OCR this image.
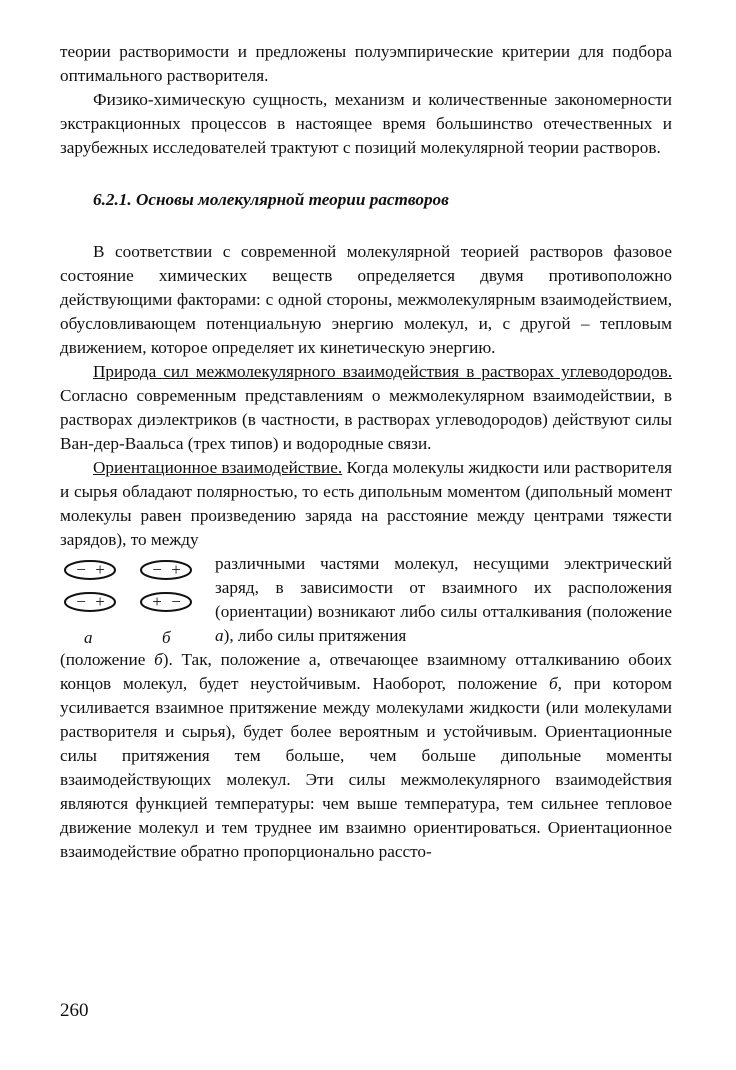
теории растворимости и предложены полуэмпирические критерии для подбора оптимального растворителя.

Физико-химическую сущность, механизм и количественные закономерности экстракционных процессов в настоящее время большинство отечественных и зарубежных исследователей трактуют с позиций молекулярной теории растворов.

6.2.1. Основы молекулярной теории растворов

В соответствии с современной молекулярной теорией растворов фазовое состояние химических веществ определяется двумя противоположно действующими факторами: с одной стороны, межмолекулярным взаимодействием, обусловливающем потенциальную энергию молекул, и, с другой – тепловым движением, которое определяет их кинетическую энергию.

Природа сил межмолекулярного взаимодействия в растворах углеводородов. Согласно современным представлениям о межмолекулярном взаимодействии, в растворах диэлектриков (в частности, в растворах углеводородов) действуют силы Ван-дер-Ваальса (трех типов) и водородные связи.

Ориентационное взаимодействие. Когда молекулы жидкости или растворителя и сырья обладают полярностью, то есть дипольным моментом (дипольный момент молекулы равен произведению заряда на расстояние между центрами тяжести зарядов), то между

− +	− +
− +	+ −
а	б

различными частями молекул, несущими электрический заряд, в зависимости от взаимного их расположения (ориентации) возникают либо силы отталкивания (положение а), либо силы притяжения

(положение б). Так, положение а, отвечающее взаимному отталкиванию обоих концов молекул, будет неустойчивым. Наоборот, положение б, при котором усиливается взаимное притяжение между молекулами жидкости (или молекулами растворителя и сырья), будет более вероятным и устойчивым. Ориентационные силы притяжения тем больше, чем больше дипольные моменты взаимодействующих молекул. Эти силы межмолекулярного взаимодействия являются функцией температуры: чем выше температура, тем сильнее тепловое движение молекул и тем труднее им взаимно ориентироваться. Ориентационное взаимодействие обратно пропорционально рассто-

260
